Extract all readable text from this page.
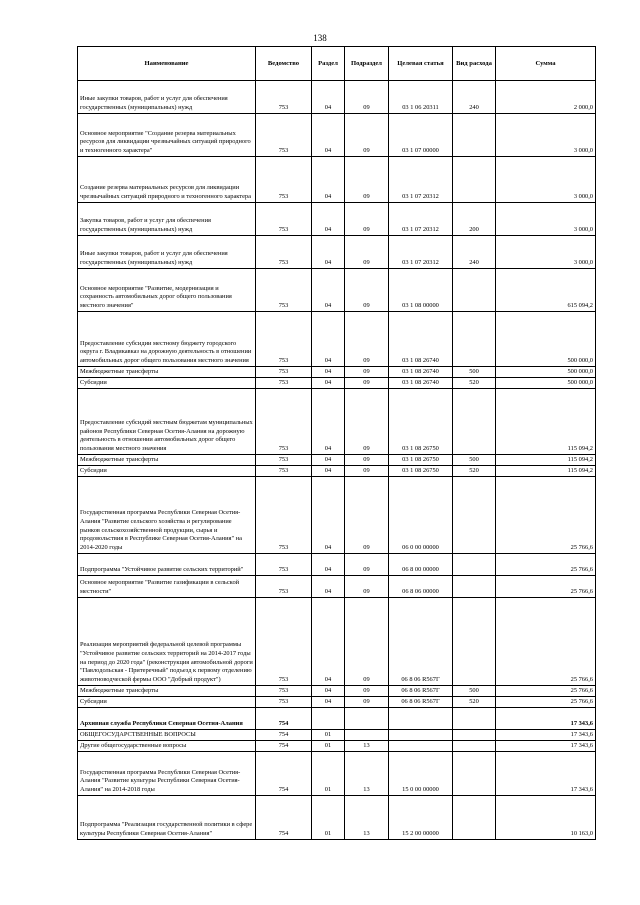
138
Наименование	Ведомство	Раздел	Подраздел	Целевая статья	Вид расхода	Сумма
Иные закупки товаров, работ и услуг для обеспечения государственных (муниципальных) нужд	753	04	09	03 1 06 20311	240	2 000,0
Основное мероприятие "Создание резерва материальных ресурсов для ликвидации чрезвычайных ситуаций природного и техногенного характера"	753	04	09	03 1 07 00000		3 000,0
Создание резерва материальных ресурсов для ликвидации чрезвычайных ситуаций природного и техногенного характера	753	04	09	03 1 07 20312		3 000,0
Закупка товаров, работ и услуг для обеспечения государственных (муниципальных) нужд	753	04	09	03 1 07 20312	200	3 000,0
Иные закупки товаров, работ и услуг для обеспечения государственных (муниципальных) нужд	753	04	09	03 1 07 20312	240	3 000,0
Основное мероприятие "Развитие, модернизация и сохранность автомобильных дорог общего пользования местного значения"	753	04	09	03 1 08 00000		615 094,2
Предоставление субсидии местному бюджету городского округа г. Владикавказ на дорожную деятельность в отношении автомобильных дорог общего пользования местного значения	753	04	09	03 1 08 26740		500 000,0
Межбюджетные трансферты	753	04	09	03 1 08 26740	500	500 000,0
Субсидии	753	04	09	03 1 08 26740	520	500 000,0
Предоставление субсидий местным бюджетам муниципальных районов Республики Северная Осетия-Алания на дорожную деятельность в отношении автомобильных дорог общего пользования местного значения	753	04	09	03 1 08 26750		115 094,2
Межбюджетные трансферты	753	04	09	03 1 08 26750	500	115 094,2
Субсидии	753	04	09	03 1 08 26750	520	115 094,2
Государственная программа Республики Северная Осетия-Алания "Развитие сельского хозяйства и регулирование рынков сельскохозяйственной продукции, сырья и продовольствия в Республике Северная Осетия-Алания" на 2014-2020 годы	753	04	09	06 0 00 00000		25 766,6
Подпрограмма "Устойчивое развитие сельских территорий"	753	04	09	06 8 00 00000		25 766,6
Основное мероприятие "Развитие газификации в сельской местности"	753	04	09	06 8 06 00000		25 766,6
Реализация мероприятий федеральной целевой программы "Устойчивое развитие сельских территорий на 2014-2017 годы на период до 2020 года" (реконструкция автомобильной дороги "Павлодольская - Притеречный" подъезд к первому отделению животноводческой фермы ООО "Добрый продукт")	753	04	09	06 8 06 R567Г		25 766,6
Межбюджетные трансферты	753	04	09	06 8 06 R567Г	500	25 766,6
Субсидии	753	04	09	06 8 06 R567Г	520	25 766,6
Архивная служба Республики Северная Осетия-Алания	754					17 343,6
ОБЩЕГОСУДАРСТВЕННЫЕ ВОПРОСЫ	754	01				17 343,6
Другие общегосударственные вопросы	754	01	13			17 343,6
Государственная программа Республики Северная Осетия-Алания "Развитие культуры Республики Северная Осетия-Алания" на 2014-2018 годы	754	01	13	15 0 00 00000		17 343,6
Подпрограмма "Реализация государственной политики в сфере культуры Республики Северная Осетия-Алания"	754	01	13	15 2 00 00000		10 163,0
